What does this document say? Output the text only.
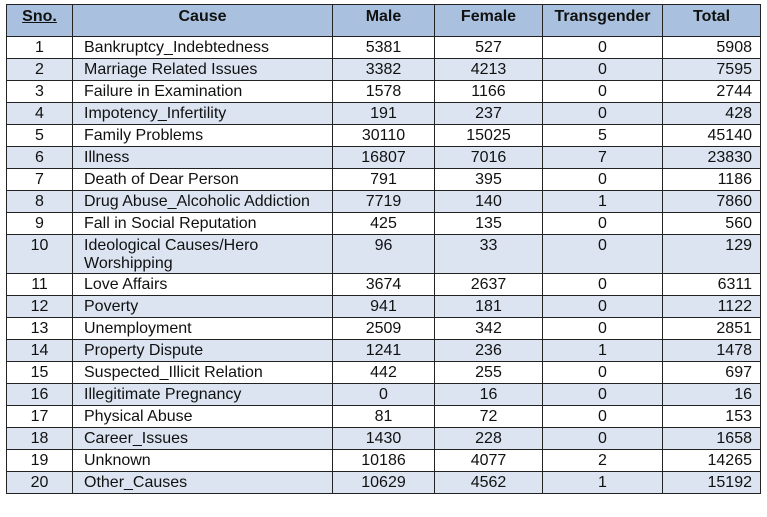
Sno.	Cause	Male	Female	Transgender	Total
1	Bankruptcy_Indebtedness	5381	527	0	5908
2	Marriage Related Issues	3382	4213	0	7595
3	Failure in Examination	1578	1166	0	2744
4	Impotency_Infertility	191	237	0	428
5	Family Problems	30110	15025	5	45140
6	Illness	16807	7016	7	23830
7	Death of Dear Person	791	395	0	1186
8	Drug Abuse_Alcoholic Addiction	7719	140	1	7860
9	Fall in Social Reputation	425	135	0	560
10	Ideological Causes/Hero Worshipping	96	33	0	129
11	Love Affairs	3674	2637	0	6311
12	Poverty	941	181	0	1122
13	Unemployment	2509	342	0	2851
14	Property Dispute	1241	236	1	1478
15	Suspected_Illicit Relation	442	255	0	697
16	Illegitimate Pregnancy	0	16	0	16
17	Physical Abuse	81	72	0	153
18	Career_Issues	1430	228	0	1658
19	Unknown	10186	4077	2	14265
20	Other_Causes	10629	4562	1	15192
